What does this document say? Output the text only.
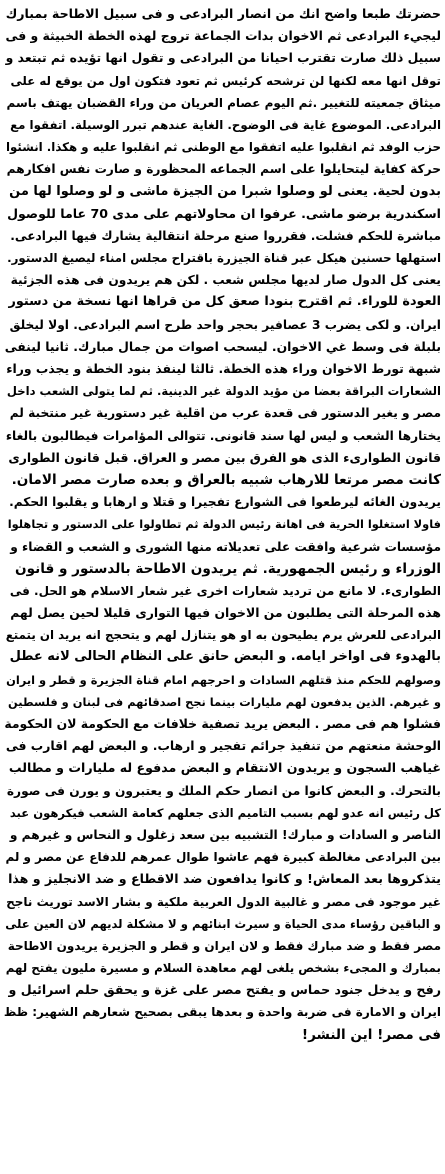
حضرتك طبعا واضح انك من انصار البرادعى و فى سبيل الاطاحة بمبارك
ليجيء البرادعى ثم الاخوان بدات الجماعة تروج لهذه الخطة الخبيثة و فى
سبيل ذلك صارت تقترب احيانا من البرادعى و تقول انها تؤيده ثم تبتعد و
توقل انها معه لكنها لن ترشحه كرئيس ثم تعود فتكون اول من يوقع له على
ميثاق جمعيته للتغيير .ثم اليوم عصام العريان من وراء القضبان يهتف باسم
البرادعى. الموضوع غاية فى الوضوح. الغاية عندهم تبرر الوسيلة. اتفقوا مع
حزب الوفد ثم انقلبوا عليه اتفقوا مع الوطنى ثم انقلبوا عليه و هكذا. انشئوا
حركة كفاية ليتحايلوا على اسم الجماعه المحظورة و صارت نفس افكارهم
بدون لحية. يعنى لو وصلوا شبرا من الجيزة ماشى و لو وصلوا لها من
اسكندرية برضو ماشى. عرفوا ان محاولاتهم على مدى 70 عاما للوصول
مباشرة للحكم فشلت. فقرروا صنع مرحلة انتقالية يشارك فيها البرادعى.
استهلها حسنين هيكل عبر قناة الجيزرة باقتراح مجلس امناء ليصيغ الدستور.
يعنى كل الدول صار لديها مجلس شعب . لكن هم يريدون فى هذه الجزئية
العودة للوراء. ثم اقترح بنودا صعق كل من قراها انها نسخة من دستور
ايران. و لكى يضرب 3 عصافير بحجر واحد طرح اسم البرادعى. اولا ليخلق
بلبلة فى وسط غي الاخوان. ليسحب اصوات من جمال مبارك. ثانيا لينفى
شبهة تورط الاخوان وراء هذه الخطة. ثالثا لينفذ بنود الخطة و يجذب وراء
الشعارات البراقة بعضا من مؤيد الدولة غير الدينية. ثم لما يتولى الشعب داخل
مصر و يغير الدستور فى قعدة عرب من اقلية غير دستورية غير منتخبة لم
يختارها الشعب و ليس لها سند قانونى. تتوالى المؤامرات فيطالبون بالغاء
قانون الطوارىء الذى هو الفرق بين مصر و العراق. قبل قانون الطوارى
كانت مصر مرتعا للارهاب شبيه بالعراق و بعده صارت مصر الامان.
يريدون الغائه ليرطعوا فى الشوارع تفجيرا و قتلا و ارهابا و يقلبوا الحكم.
فاولا استغلوا الحرية فى اهانة رئيس الدولة ثم تطاولوا على الدستور و تجاهلوا
مؤسسات شرعية وافقت على تعديلاته منها الشورى و الشعب و القضاء و
الوزراء و رئيس الجمهورية. ثم يريدون الاطاحة بالدستور و قانون
الطوارىء. لا مانع من ترديد شعارات اخرى غير شعار الاسلام هو الحل. فى
هذه المرحلة التى يطلبون من الاخوان فيها التوارى قليلا لحين يصل لهم
البرادعى للعرش يرم يطيحون به او هو يتنازل لهم و يتحجج انه يريد ان يتمتع
بالهدوء فى اواخر ايامه. و البعض حانق على النظام الحالى لانه عطل
وصولهم للحكم منذ قتلهم السادات و احرجهم امام قناة الجزيرة و قطر و ايران
و غيرهم. الذين يدفعون لهم مليارات بينما نجح اصدقائهم فى لبنان و فلسطين
فشلوا هم فى مصر . البعض يريد تصفية خلافات مع الحكومة لان الحكومة
الوحشة منعتهم من تنفيذ جرائم تفجير و ارهاب. و البعض لهم اقارب فى
غياهب السجون و يريدون الانتقام و البعض مدفوع له مليارات و مطالب
بالتحرك. و البعض كانوا من انصار حكم الملك و يعتبرون و يورن فى صورة
كل رئيس انه عدو لهم بسبب التاميم الذى جعلهم كعامة الشعب فيكرهون عبد
الناصر و السادات و مبارك! التشبيه بين سعد زغلول و النحاس و غيرهم و
بين البرادعى مغالطة كبيرة فهم عاشوا طوال عمرهم للدفاع عن مصر و لم
يتذكروها بعد المعاش! و كانوا يدافعون ضد الاقطاع و ضد الانجليز و هذا
غير موجود فى مصر و غالبية الدول العربية ملكية و بشار الاسد توريث ناجح
و الباقين رؤساء مدى الحياة و سيرث ابنائهم و لا مشكلة لديهم لان العين على
مصر فقط و ضد مبارك فقط و لان ايران و قطر و الجزيرة يريدون الاطاحة
بمبارك و المجىء بشخص يلغى لهم معاهدة السلام و مسيرة مليون يفتح لهم
رفح و يدخل جنود حماس و يفتح مصر على غزة و يحقق حلم اسرائيل و
ايران و الامارة فى ضربة واحدة و بعدها يبقى بصحيح شعارهم الشهير: ظظ
فى مصر! اين النشر!
